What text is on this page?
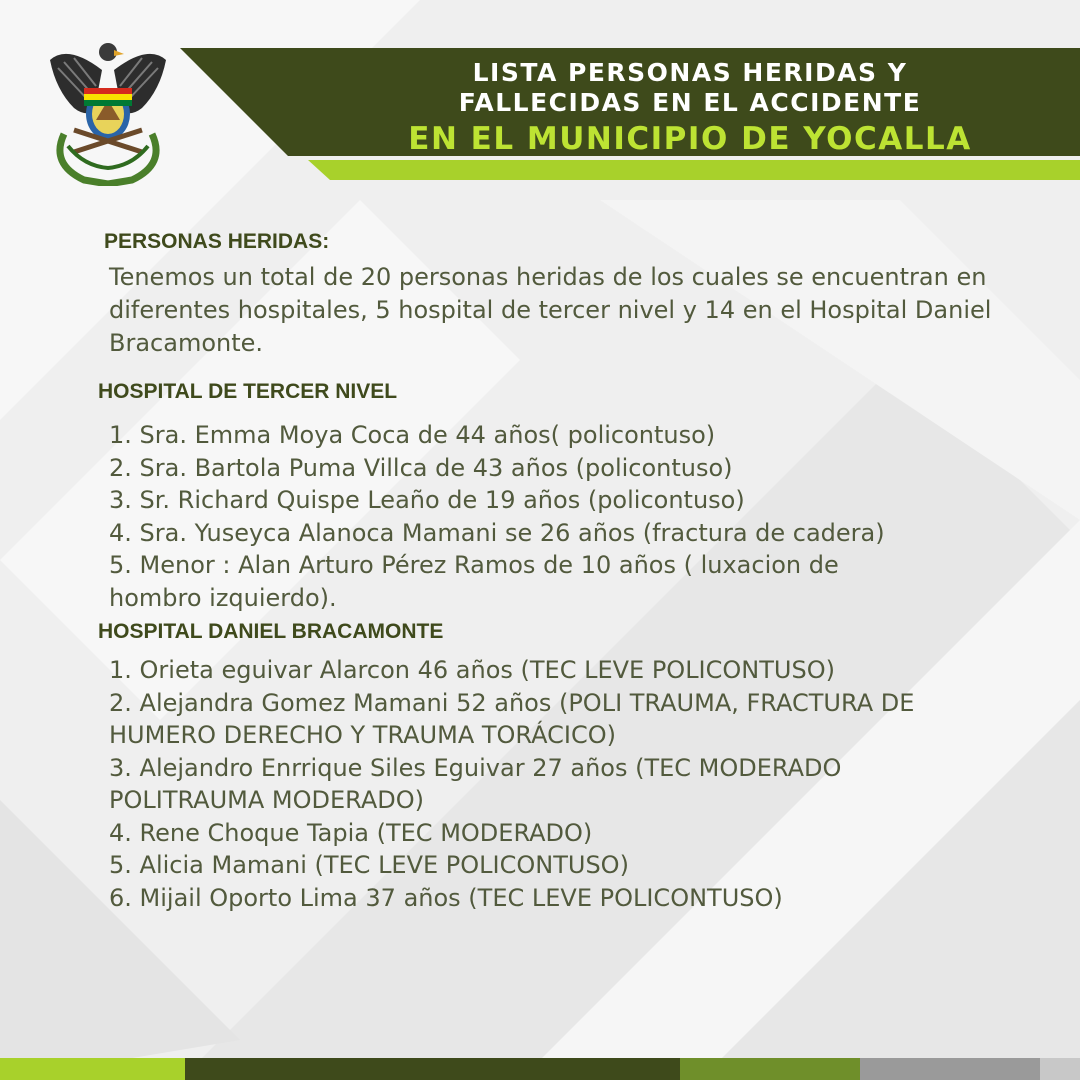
LISTA PERSONAS HERIDAS Y
FALLECIDAS EN EL ACCIDENTE
EN EL MUNICIPIO DE YOCALLA
PERSONAS HERIDAS:

Tenemos un total de 20 personas heridas de los cuales se encuentran en diferentes hospitales, 5 hospital de tercer nivel y 14 en el Hospital Daniel Bracamonte.

HOSPITAL DE TERCER NIVEL
1. Sra. Emma Moya Coca de 44 años( policontuso)
2. Sra. Bartola Puma Villca de 43 años (policontuso)
3. Sr. Richard Quispe Leaño de 19 años (policontuso)
4. Sra. Yuseyca Alanoca Mamani se 26 años (fractura de cadera)
5. Menor : Alan Arturo Pérez Ramos de 10 años ( luxacion de hombro izquierdo).
HOSPITAL DANIEL BRACAMONTE
1. Orieta eguivar Alarcon 46 años (TEC LEVE POLICONTUSO)
2. Alejandra Gomez Mamani 52 años (POLI TRAUMA, FRACTURA DE HUMERO DERECHO Y TRAUMA TORÁCICO)
3. Alejandro Enrrique Siles Eguivar 27 años (TEC MODERADO POLITRAUMA MODERADO)
4. Rene Choque Tapia (TEC MODERADO)
5. Alicia Mamani (TEC LEVE POLICONTUSO)
6. Mijail Oporto Lima 37 años (TEC LEVE POLICONTUSO)
